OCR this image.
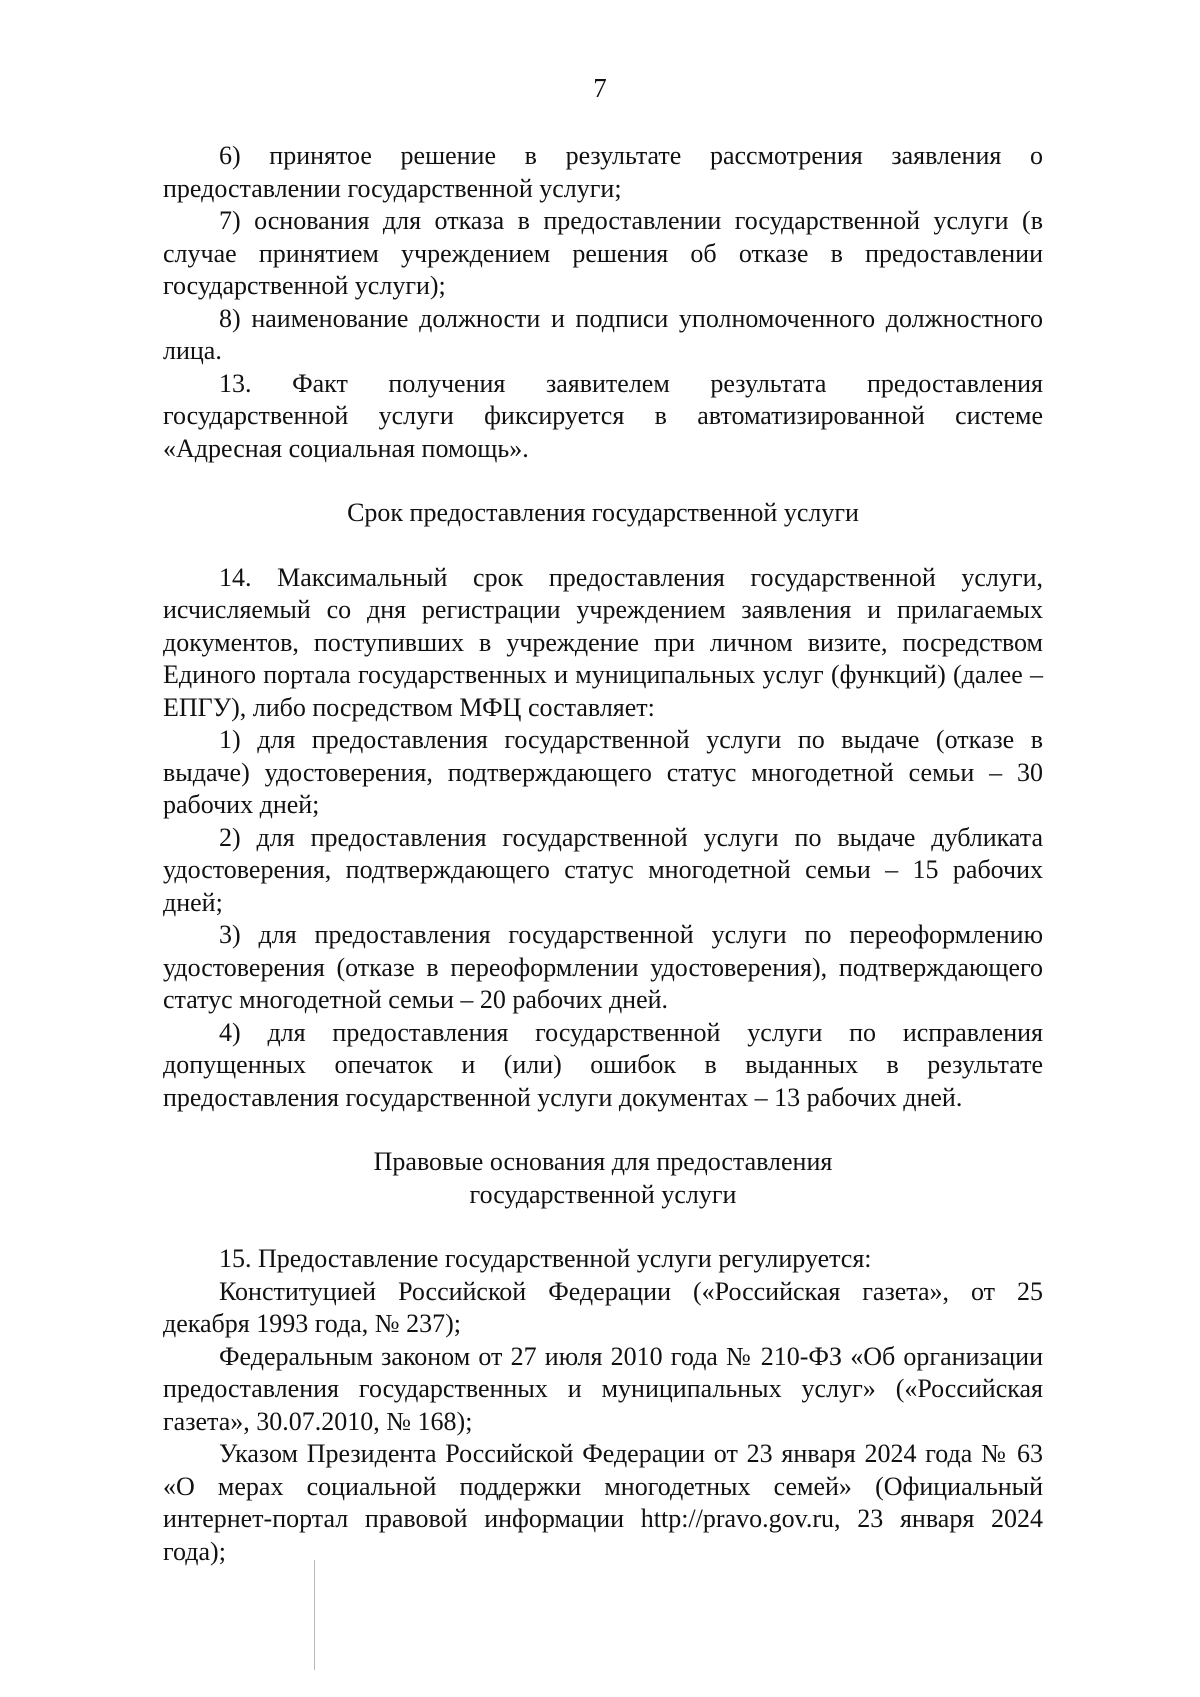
7

6) принятое решение в результате рассмотрения заявления о предоставлении государственной услуги;

7) основания для отказа в предоставлении государственной услуги (в случае принятием учреждением решения об отказе в предоставлении государственной услуги);

8) наименование должности и подписи уполномоченного должностного лица.

13. Факт получения заявителем результата предоставления государственной услуги фиксируется в автоматизированной системе «Адресная социальная помощь».

Срок предоставления государственной услуги

14. Максимальный срок предоставления государственной услуги, исчисляемый со дня регистрации учреждением заявления и прилагаемых документов, поступивших в учреждение при личном визите, посредством Единого портала государственных и муниципальных услуг (функций) (далее – ЕПГУ), либо посредством МФЦ составляет:

1) для предоставления государственной услуги по выдаче (отказе в выдаче) удостоверения, подтверждающего статус многодетной семьи – 30 рабочих дней;

2) для предоставления государственной услуги по выдаче дубликата удостоверения, подтверждающего статус многодетной семьи – 15 рабочих дней;

3) для предоставления государственной услуги по переоформлению удостоверения (отказе в переоформлении удостоверения), подтверждающего статус многодетной семьи – 20 рабочих дней.

4) для предоставления государственной услуги по исправления допущенных опечаток и (или) ошибок в выданных в результате предоставления государственной услуги документах – 13 рабочих дней.

Правовые основания для предоставления
государственной услуги

15. Предоставление государственной услуги регулируется:

Конституцией Российской Федерации («Российская газета», от 25 декабря 1993 года, № 237);

Федеральным законом от 27 июля 2010 года № 210-ФЗ «Об организации предоставления государственных и муниципальных услуг» («Российская газета», 30.07.2010, № 168);

Указом Президента Российской Федерации от 23 января 2024 года № 63 «О мерах социальной поддержки многодетных семей» (Официальный интернет-портал правовой информации http://pravo.gov.ru, 23 января 2024 года);
